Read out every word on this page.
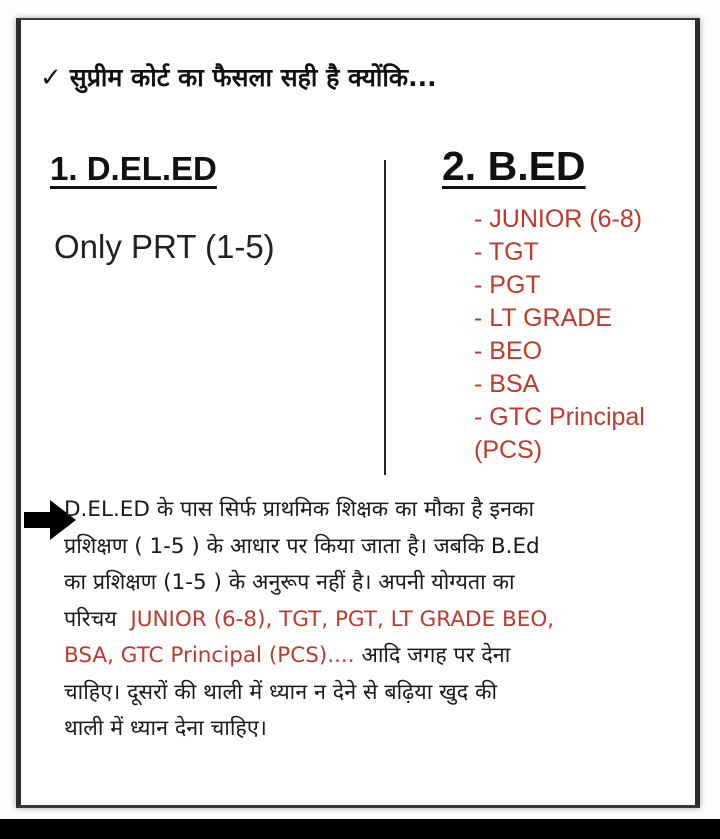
✓ सुप्रीम कोर्ट का फैसला सही है क्योंकि...
1. D.EL.ED	2. B.ED
Only PRT (1-5)
- JUNIOR (6-8)
- TGT
- PGT
- LT GRADE
- BEO
- BSA
- GTC Principal
(PCS)
D.EL.ED के पास सिर्फ प्राथमिक शिक्षक का मौका है इनका
प्रशिक्षण ( 1-5 ) के आधार पर किया जाता है। जबकि B.Ed
का प्रशिक्षण (1-5 ) के अनुरूप नहीं है। अपनी योग्यता का
परिचय  JUNIOR (6-8), TGT, PGT, LT GRADE BEO,
BSA, GTC Principal (PCS).... आदि जगह पर देना
चाहिए। दूसरों की थाली में ध्यान न देने से बढ़िया खुद की
थाली में ध्यान देना चाहिए।
